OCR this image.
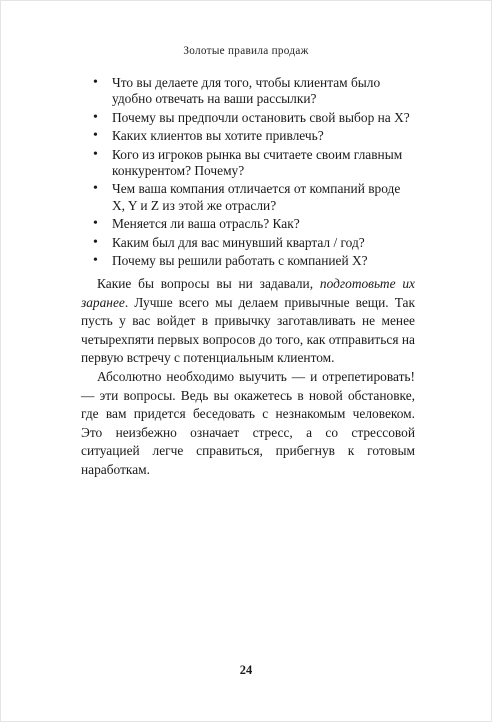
Золотые правила продаж
• Что вы делаете для того, чтобы клиентам было удобно отвечать на ваши рассылки?
• Почему вы предпочли остановить свой выбор на X?
• Каких клиентов вы хотите привлечь?
• Кого из игроков рынка вы считаете своим главным конкурентом? Почему?
• Чем ваша компания отличается от компаний вроде X, Y и Z из этой же отрасли?
• Меняется ли ваша отрасль? Как?
• Каким был для вас минувший квартал / год?
• Почему вы решили работать с компанией X?

Какие бы вопросы вы ни задавали, подготовьте их заранее. Лучше всего мы делаем привычные вещи. Так пусть у вас войдет в привычку заготавливать не менее четырехпяти первых вопросов до того, как отправиться на первую встречу с потенциальным клиентом.

Абсолютно необходимо выучить — и отрепетировать! — эти вопросы. Ведь вы окажетесь в новой обстановке, где вам придется беседовать с незнакомым человеком. Это неизбежно означает стресс, а со стрессовой ситуацией легче справиться, прибегнув к готовым наработкам.

24
